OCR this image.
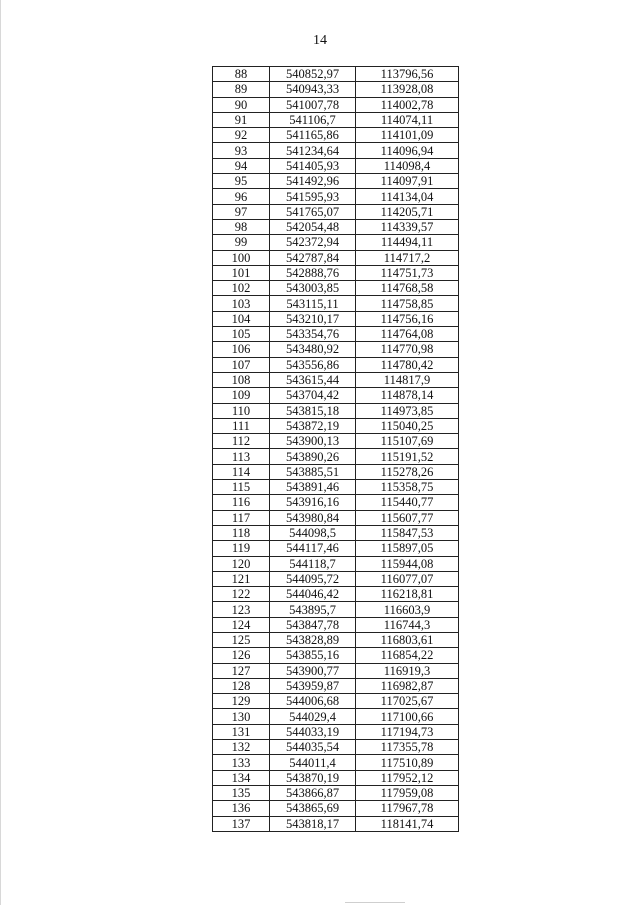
14
88	540852,97	113796,56
89	540943,33	113928,08
90	541007,78	114002,78
91	541106,7	114074,11
92	541165,86	114101,09
93	541234,64	114096,94
94	541405,93	114098,4
95	541492,96	114097,91
96	541595,93	114134,04
97	541765,07	114205,71
98	542054,48	114339,57
99	542372,94	114494,11
100	542787,84	114717,2
101	542888,76	114751,73
102	543003,85	114768,58
103	543115,11	114758,85
104	543210,17	114756,16
105	543354,76	114764,08
106	543480,92	114770,98
107	543556,86	114780,42
108	543615,44	114817,9
109	543704,42	114878,14
110	543815,18	114973,85
111	543872,19	115040,25
112	543900,13	115107,69
113	543890,26	115191,52
114	543885,51	115278,26
115	543891,46	115358,75
116	543916,16	115440,77
117	543980,84	115607,77
118	544098,5	115847,53
119	544117,46	115897,05
120	544118,7	115944,08
121	544095,72	116077,07
122	544046,42	116218,81
123	543895,7	116603,9
124	543847,78	116744,3
125	543828,89	116803,61
126	543855,16	116854,22
127	543900,77	116919,3
128	543959,87	116982,87
129	544006,68	117025,67
130	544029,4	117100,66
131	544033,19	117194,73
132	544035,54	117355,78
133	544011,4	117510,89
134	543870,19	117952,12
135	543866,87	117959,08
136	543865,69	117967,78
137	543818,17	118141,74
